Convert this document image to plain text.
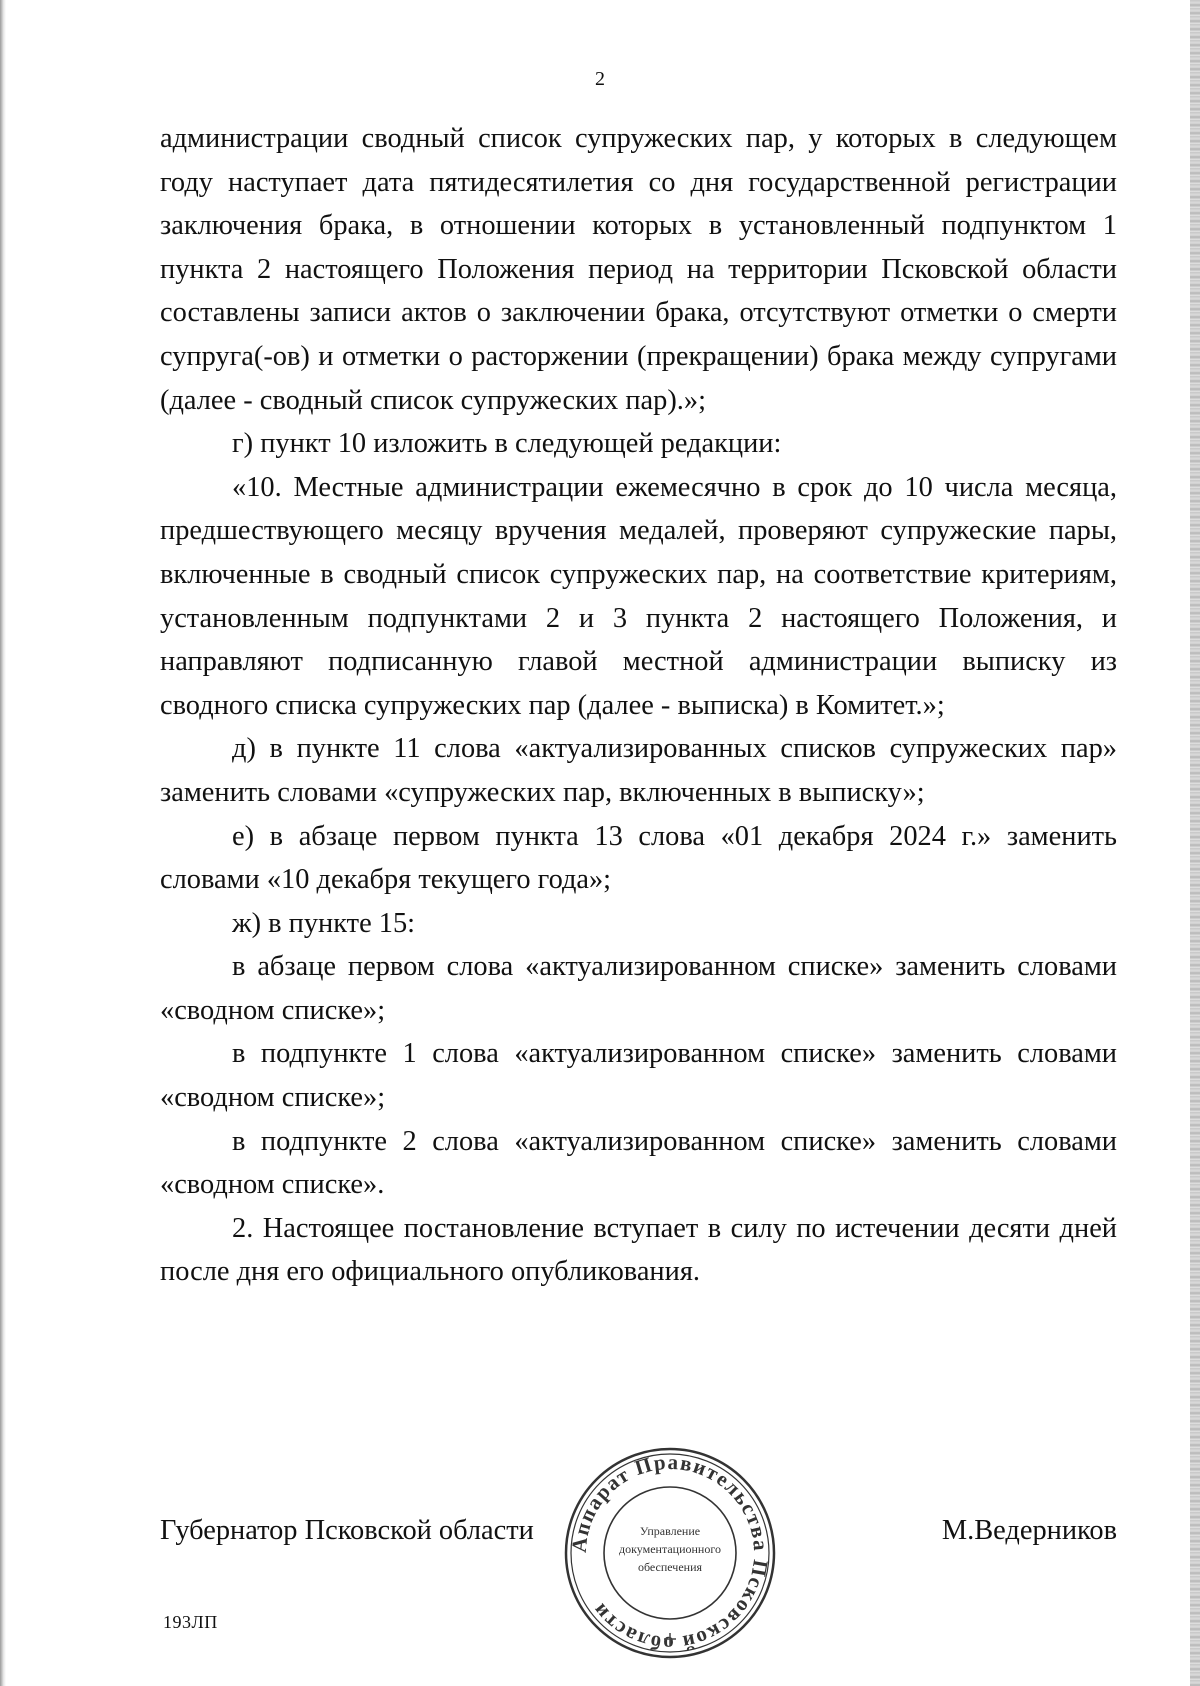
2

администрации сводный список супружеских пар, у которых в следующем году наступает дата пятидесятилетия со дня государственной регистрации заключения брака, в отношении которых в установленный подпунктом 1 пункта 2 настоящего Положения период на территории Псковской области составлены записи актов о заключении брака, отсутствуют отметки о смерти супруга(-ов) и отметки о расторжении (прекращении) брака между супругами (далее - сводный список супружеских пар).»;

г) пункт 10 изложить в следующей редакции:

«10. Местные администрации ежемесячно в срок до 10 числа месяца, предшествующего месяцу вручения медалей, проверяют супружеские пары, включенные в сводный список супружеских пар, на соответствие критериям, установленным подпунктами 2 и 3 пункта 2 настоящего Положения, и направляют подписанную главой местной администрации выписку из сводного списка супружеских пар (далее - выписка) в Комитет.»;

д) в пункте 11 слова «актуализированных списков супружеских пар» заменить словами «супружеских пар, включенных в выписку»;

е) в абзаце первом пункта 13 слова «01 декабря 2024 г.» заменить словами «10 декабря текущего года»;

ж) в пункте 15:

в абзаце первом слова «актуализированном списке» заменить словами «сводном списке»;

в подпункте 1 слова «актуализированном списке» заменить словами «сводном списке»;

в подпункте 2 слова «актуализированном списке» заменить словами «сводном списке».

2. Настоящее постановление вступает в силу по истечении десяти дней после дня его официального опубликования.

Аппарат Правительства Псковской области
Управление
документационного
обеспечения
Губернатор Псковской области	М.Ведерников
193ЛП
